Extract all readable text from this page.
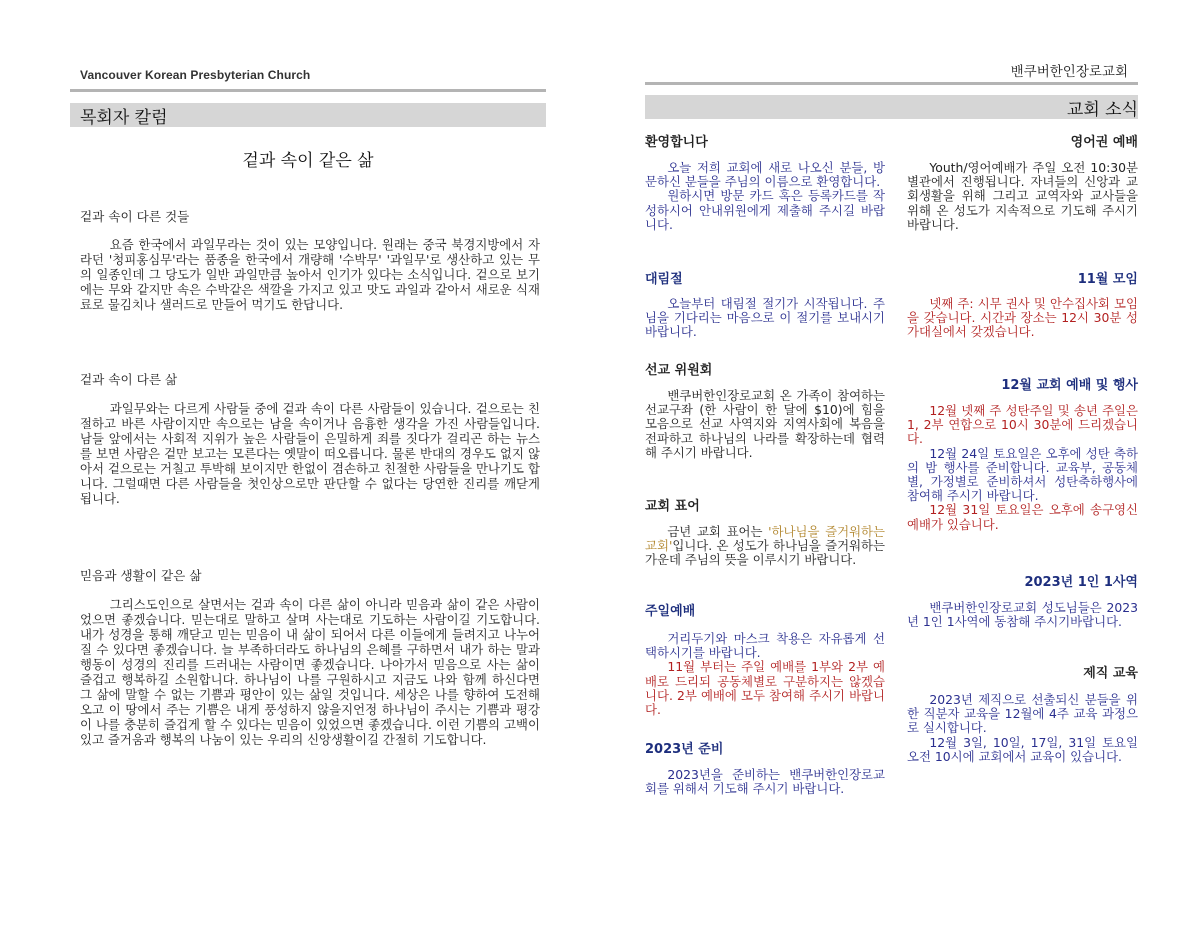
Vancouver Korean Presbyterian Church
목회자 칼럼
겉과 속이 같은 삶
겉과 속이 다른 것들

요즘 한국에서 과일무라는 것이 있는 모양입니다. 원래는 중국 북경지방에서 자라던 '청피홍심무'라는 품종을 한국에서 개량해 '수박무' '과일무'로 생산하고 있는 무의 일종인데 그 당도가 일반 과일만큼 높아서 인기가 있다는 소식입니다. 겉으로 보기에는 무와 같지만 속은 수박같은 색깔을 가지고 있고 맛도 과일과 같아서 새로운 식재료로 물김치나 샐러드로 만들어 먹기도 한답니다.

겉과 속이 다른 삶

과일무와는 다르게 사람들 중에 겉과 속이 다른 사람들이 있습니다. 겉으로는 친절하고 바른 사람이지만 속으로는 남을 속이거나 음흉한 생각을 가진 사람들입니다. 남들 앞에서는 사회적 지위가 높은 사람들이 은밀하게 죄를 짓다가 걸리곤 하는 뉴스를 보면 사람은 겉만 보고는 모른다는 옛말이 떠오릅니다. 물론 반대의 경우도 없지 않아서 겉으로는 거칠고 투박해 보이지만 한없이 겸손하고 친절한 사람들을 만나기도 합니다. 그럴때면 다른 사람들을 첫인상으로만 판단할 수 없다는 당연한 진리를 깨닫게 됩니다.

믿음과 생활이 같은 삶

그리스도인으로 살면서는 겉과 속이 다른 삶이 아니라 믿음과 삶이 같은 사람이었으면 좋겠습니다. 믿는대로 말하고 살며 사는대로 기도하는 사람이길 기도합니다. 내가 성경을 통해 깨닫고 믿는 믿음이 내 삶이 되어서 다른 이들에게 들려지고 나누어질 수 있다면 좋겠습니다. 늘 부족하더라도 하나님의 은혜를 구하면서 내가 하는 말과 행동이 성경의 진리를 드러내는 사람이면 좋겠습니다. 나아가서 믿음으로 사는 삶이 즐겁고 행복하길 소원합니다. 하나님이 나를 구원하시고 지금도 나와 함께 하신다면 그 삶에 말할 수 없는 기쁨과 평안이 있는 삶일 것입니다. 세상은 나를 향하여 도전해 오고 이 땅에서 주는 기쁨은 내게 풍성하지 않을지언정 하나님이 주시는 기쁨과 평강이 나를 충분히 즐겁게 할 수 있다는 믿음이 있었으면 좋겠습니다. 이런 기쁨의 고백이 있고 즐거움과 행복의 나눔이 있는 우리의 신앙생활이길 간절히 기도합니다.

밴쿠버한인장로교회
교회 소식
환영합니다

오늘 저희 교회에 새로 나오신 분들, 방문하신 분들을 주님의 이름으로 환영합니다.
원하시면 방문 카드 혹은 등록카드를 작성하시어 안내위원에게 제출해 주시길 바랍니다.

대림절

오늘부터 대림절 절기가 시작됩니다. 주님을 기다리는 마음으로 이 절기를 보내시기 바랍니다.

선교 위원회

밴쿠버한인장로교회 온 가족이 참여하는 선교구좌 (한 사람이 한 달에 $10)에 힘을 모음으로 선교 사역지와 지역사회에 복음을 전파하고 하나님의 나라를 확장하는데 협력해 주시기 바랍니다.

교회 표어

금년 교회 표어는 '하나님을 즐거워하는 교회'입니다. 온 성도가 하나님을 즐거워하는 가운데 주님의 뜻을 이루시기 바랍니다.

주일예배

거리두기와 마스크 착용은 자유롭게 선택하시기를 바랍니다.
11월 부터는 주일 예배를 1부와 2부 예배로 드리되 공동체별로 구분하지는 않겠습니다. 2부 예배에 모두 참여해 주시기 바랍니다.

2023년 준비

2023년을 준비하는 밴쿠버한인장로교회를 위해서 기도해 주시기 바랍니다.

영어권 예배

Youth/영어예배가 주일 오전 10:30분 별관에서 진행됩니다. 자녀들의 신앙과 교회생활을 위해 그리고 교역자와 교사들을 위해 온 성도가 지속적으로 기도해 주시기 바랍니다.

11월 모임

넷째 주: 시무 권사 및 안수집사회 모임을 갖습니다. 시간과 장소는 12시 30분 성가대실에서 갖겠습니다.

12월 교회 예배 및 행사

12월 넷째 주 성탄주일 및 송년 주일은 1, 2부 연합으로 10시 30분에 드리겠습니다.
12월 24일 토요일은 오후에 성탄 축하의 밤 행사를 준비합니다. 교육부, 공동체별, 가정별로 준비하셔서 성탄축하행사에 참여해 주시기 바랍니다.
12월 31일 토요일은 오후에 송구영신예배가 있습니다.

2023년 1인 1사역

밴쿠버한인장로교회 성도님들은 2023년 1인 1사역에 동참해 주시기바랍니다.

제직 교육

2023년 제직으로 선출되신 분들을 위한 직분자 교육을 12월에 4주 교육 과정으로 실시합니다.
12월 3일, 10일, 17일, 31일 토요일 오전 10시에 교회에서 교육이 있습니다.
